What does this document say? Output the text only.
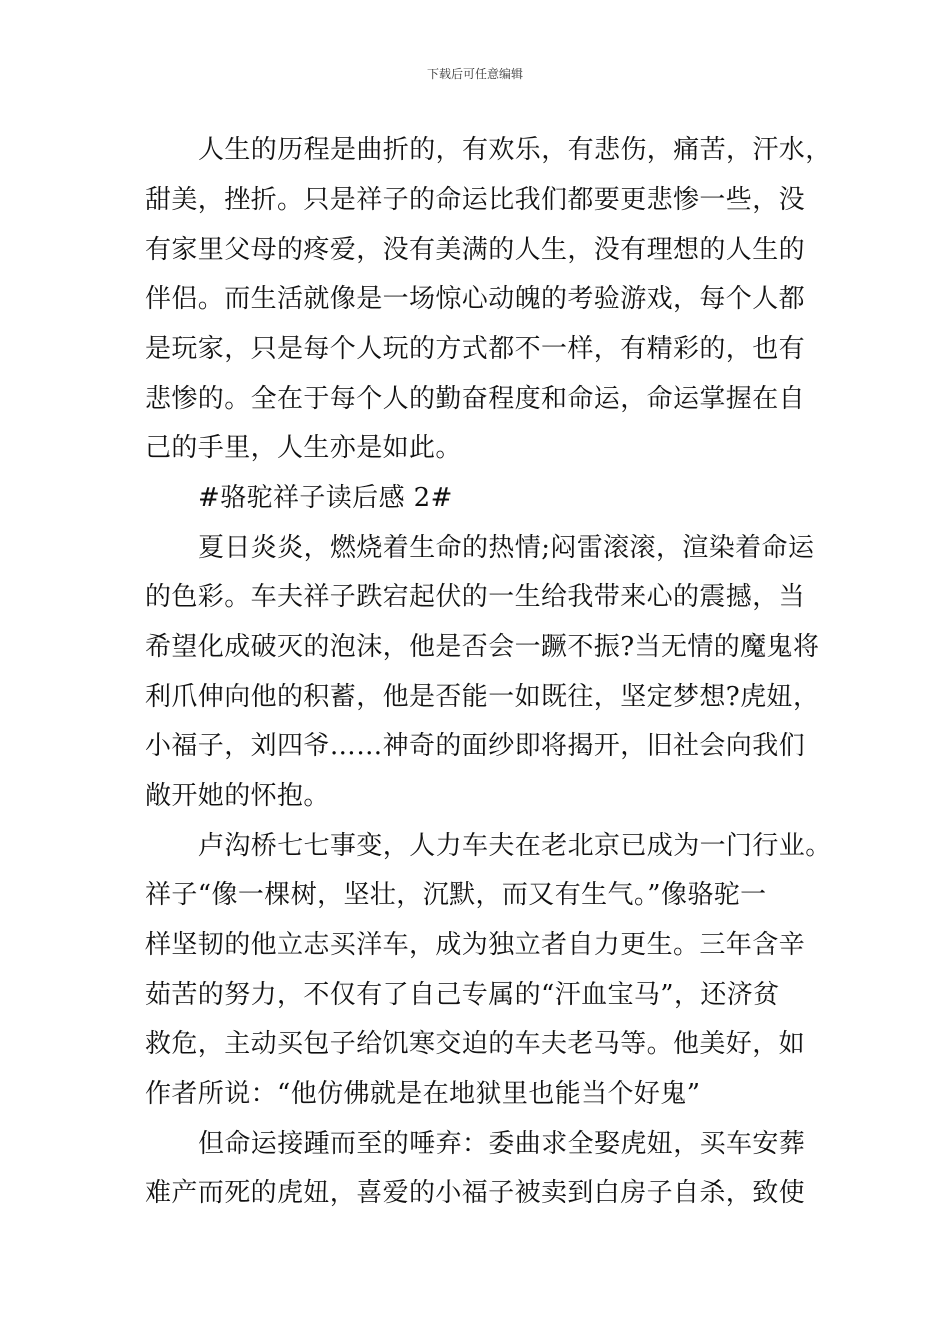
下载后可任意编辑
人生的历程是曲折的，有欢乐，有悲伤，痛苦，汗水，
甜美，挫折。只是祥子的命运比我们都要更悲惨一些，没
有家里父母的疼爱，没有美满的人生，没有理想的人生的
伴侣。而生活就像是一场惊心动魄的考验游戏，每个人都
是玩家，只是每个人玩的方式都不一样，有精彩的，也有
悲惨的。全在于每个人的勤奋程度和命运，命运掌握在自
己的手里，人生亦是如此。
#骆驼祥子读后感 2#
夏日炎炎，燃烧着生命的热情;闷雷滚滚，渲染着命运
的色彩。车夫祥子跌宕起伏的一生给我带来心的震撼，当
希望化成破灭的泡沫，他是否会一蹶不振?当无情的魔鬼将
利爪伸向他的积蓄，他是否能一如既往，坚定梦想?虎妞，
小福子，刘四爷……神奇的面纱即将揭开，旧社会向我们
敞开她的怀抱。
卢沟桥七七事变，人力车夫在老北京已成为一门行业。
祥子“像一棵树，坚壮，沉默，而又有生气。”像骆驼一
样坚韧的他立志买洋车，成为独立者自力更生。三年含辛
茹苦的努力，不仅有了自己专属的“汗血宝马”，还济贫
救危，主动买包子给饥寒交迫的车夫老马等。他美好，如
作者所说：“他仿佛就是在地狱里也能当个好鬼”
但命运接踵而至的唾弃：委曲求全娶虎妞，买车安葬
难产而死的虎妞，喜爱的小福子被卖到白房子自杀，致使
